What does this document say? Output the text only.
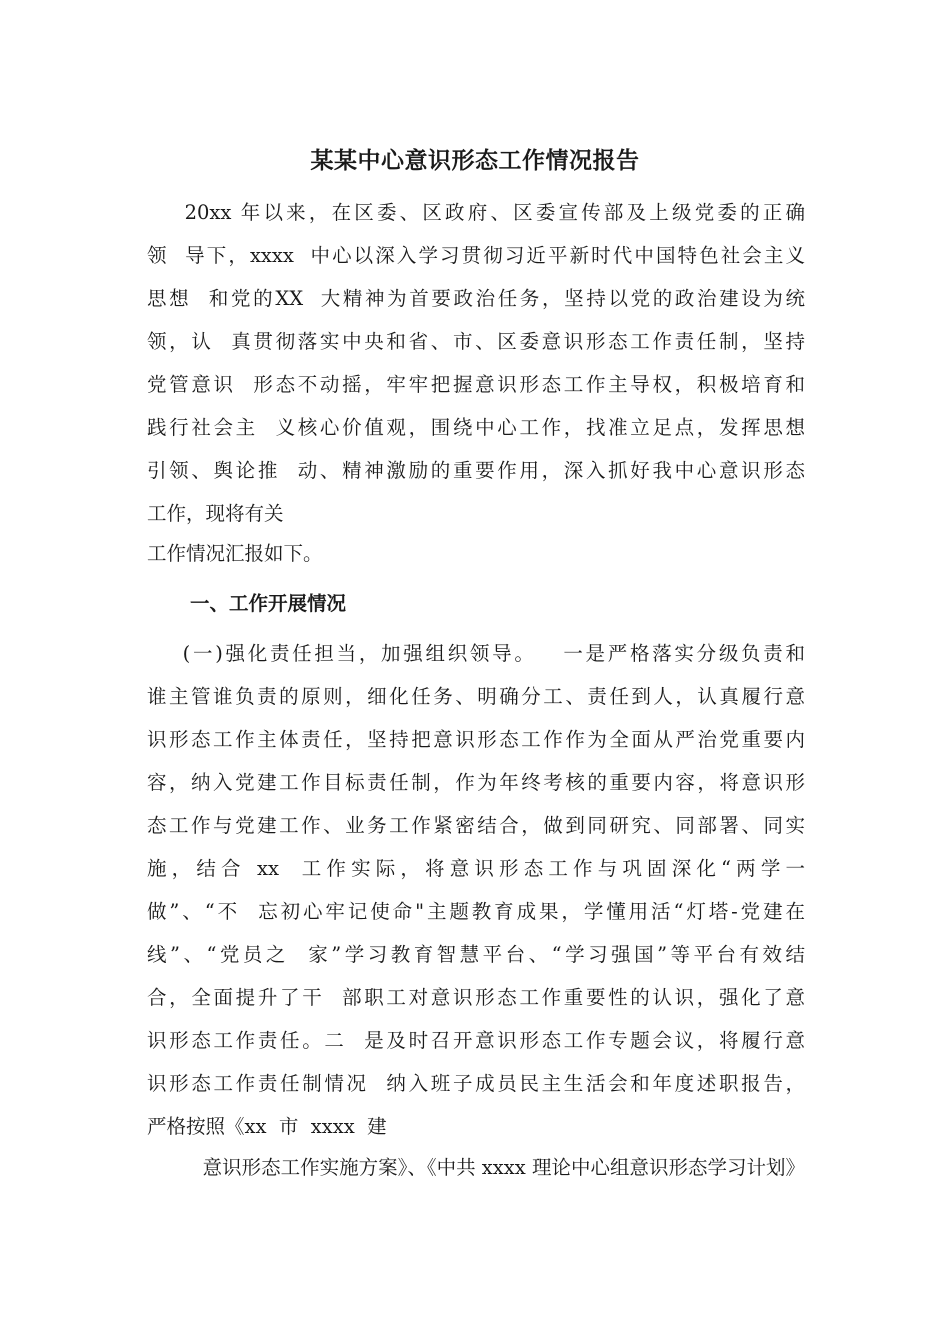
某某中心意识形态工作情况报告
20xx 年以来，在区委、区政府、区委宣传部及上级党委的正确
领  导下，xxxx  中心以深入学习贯彻习近平新时代中国特色社会主义
思想  和党的XX  大精神为首要政治任务，坚持以党的政治建设为统
领，认  真贯彻落实中央和省、市、区委意识形态工作责任制，坚持
党管意识  形态不动摇，牢牢把握意识形态工作主导权，积极培育和
践行社会主  义核心价值观，围绕中心工作，找准立足点，发挥思想
引领、舆论推  动、精神激励的重要作用，深入抓好我中心意识形态
工作，现将有关
工作情况汇报如下。
一、工作开展情况
(一)强化责任担当，加强组织领导。   一是严格落实分级负责和
谁主管谁负责的原则，细化任务、明确分工、责任到人，认真履行意
识形态工作主体责任，坚持把意识形态工作作为全面从严治党重要内
容，纳入党建工作目标责任制，作为年终考核的重要内容，将意识形
态工作与党建工作、业务工作紧密结合，做到同研究、同部署、同实
施，结合 xx  工作实际，将意识形态工作与巩固深化“两学一
做”、“不  忘初心牢记使命"主题教育成果，学懂用活“灯塔-党建在
线”、“党员之  家”学习教育智慧平台、“学习强国”等平台有效结
合，全面提升了干  部职工对意识形态工作重要性的认识，强化了意
识形态工作责任。二  是及时召开意识形态工作专题会议，将履行意
识形态工作责任制情况  纳入班子成员民主生活会和年度述职报告，
严格按照《xx  市  xxxx  建
意识形态工作实施方案》、《中共 xxxx 理论中心组意识形态学习计划》
